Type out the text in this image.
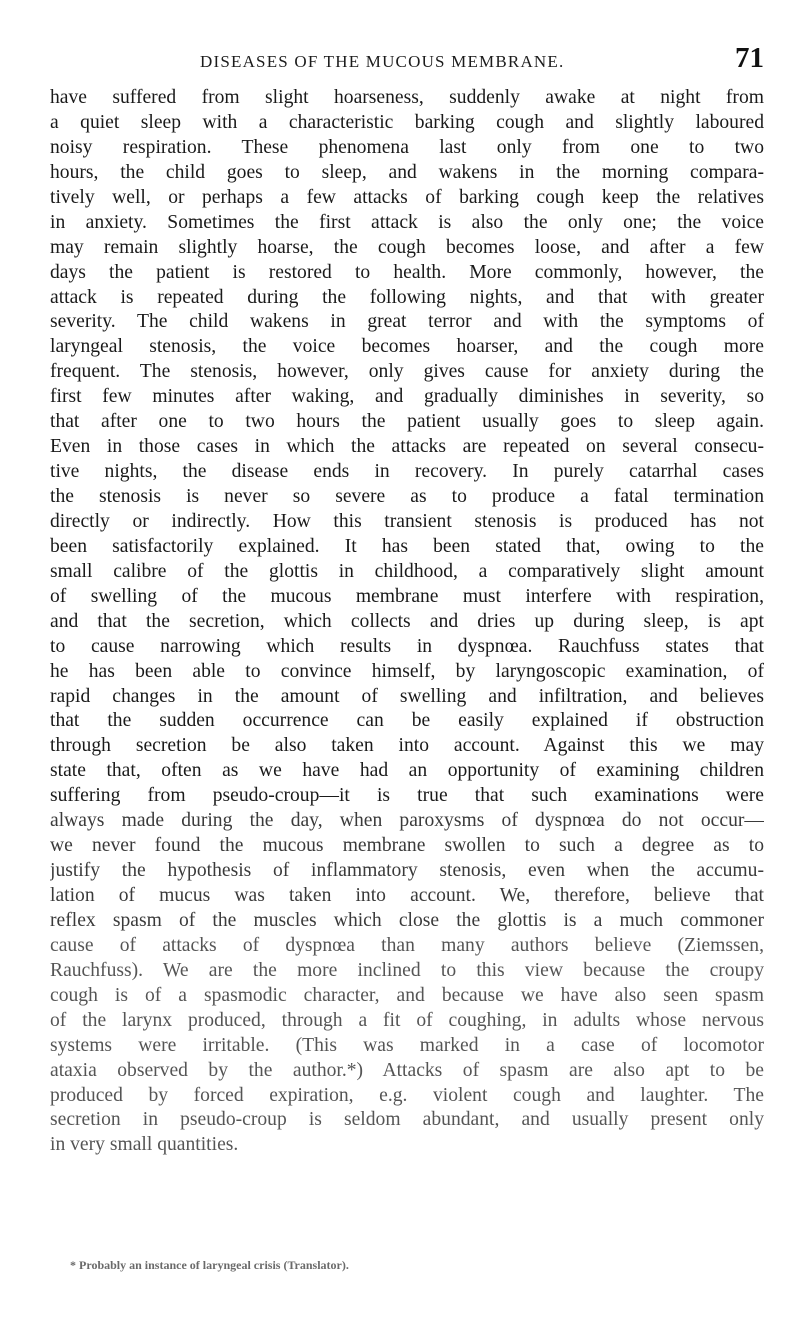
DISEASES OF THE MUCOUS MEMBRANE.	71
have suffered from slight hoarseness, suddenly awake at night from
a quiet sleep with a characteristic barking cough and slightly laboured
noisy respiration. These phenomena last only from one to two
hours, the child goes to sleep, and wakens in the morning compara-
tively well, or perhaps a few attacks of barking cough keep the relatives
in anxiety. Sometimes the first attack is also the only one; the voice
may remain slightly hoarse, the cough becomes loose, and after a few
days the patient is restored to health. More commonly, however, the
attack is repeated during the following nights, and that with greater
severity. The child wakens in great terror and with the symptoms of
laryngeal stenosis, the voice becomes hoarser, and the cough more
frequent. The stenosis, however, only gives cause for anxiety during the
first few minutes after waking, and gradually diminishes in severity, so
that after one to two hours the patient usually goes to sleep again.
Even in those cases in which the attacks are repeated on several consecu-
tive nights, the disease ends in recovery. In purely catarrhal cases
the stenosis is never so severe as to produce a fatal termination
directly or indirectly. How this transient stenosis is produced has not
been satisfactorily explained. It has been stated that, owing to the
small calibre of the glottis in childhood, a comparatively slight amount
of swelling of the mucous membrane must interfere with respiration,
and that the secretion, which collects and dries up during sleep, is apt
to cause narrowing which results in dyspnœa. Rauchfuss states that
he has been able to convince himself, by laryngoscopic examination, of
rapid changes in the amount of swelling and infiltration, and believes
that the sudden occurrence can be easily explained if obstruction
through secretion be also taken into account. Against this we may
state that, often as we have had an opportunity of examining children
suffering from pseudo-croup—it is true that such examinations were
always made during the day, when paroxysms of dyspnœa do not occur—
we never found the mucous membrane swollen to such a degree as to
justify the hypothesis of inflammatory stenosis, even when the accumu-
lation of mucus was taken into account. We, therefore, believe that
reflex spasm of the muscles which close the glottis is a much commoner
cause of attacks of dyspnœa than many authors believe (Ziemssen,
Rauchfuss). We are the more inclined to this view because the croupy
cough is of a spasmodic character, and because we have also seen spasm
of the larynx produced, through a fit of coughing, in adults whose nervous
systems were irritable. (This was marked in a case of locomotor
ataxia observed by the author.*) Attacks of spasm are also apt to be
produced by forced expiration, e.g. violent cough and laughter. The
secretion in pseudo-croup is seldom abundant, and usually present only
in very small quantities.
* Probably an instance of laryngeal crisis (Translator).
